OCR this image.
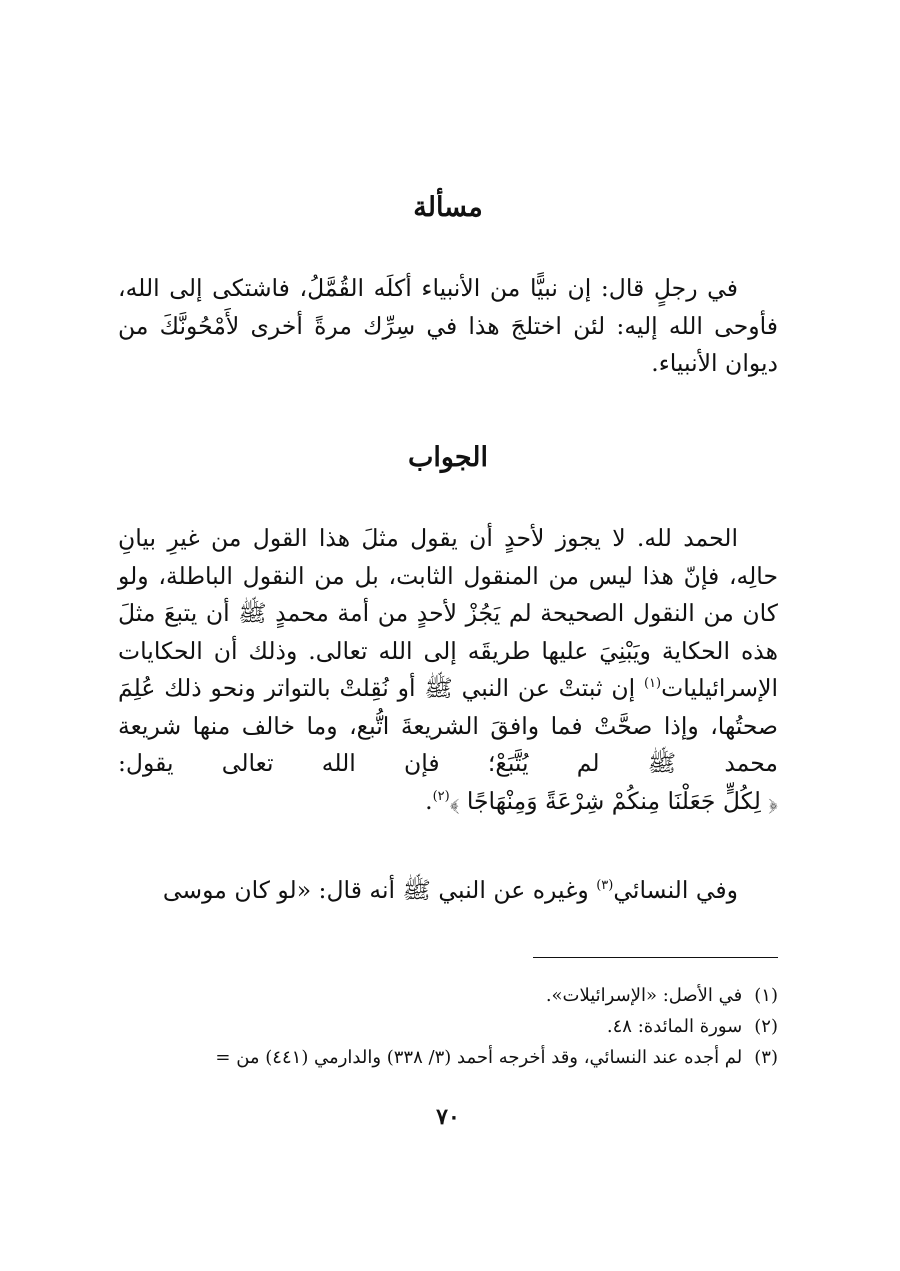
مسألة

في رجلٍ قال: إن نبيًّا من الأنبياء أكلَه القُمَّلُ، فاشتكى إلى الله، فأوحى الله إليه: لئن اختلجَ هذا في سِرِّك مرةً أخرى لأَمْحُونَّكَ من ديوان الأنبياء.

الجواب

الحمد لله. لا يجوز لأحدٍ أن يقول مثلَ هذا القول من غيرِ بيانِ حالِه، فإنّ هذا ليس من المنقول الثابت، بل من النقول الباطلة، ولو كان من النقول الصحيحة لم يَجُزْ لأحدٍ من أمة محمدٍ ﷺ أن يتبعَ مثلَ هذه الحكاية ويَبْنِيَ عليها طريقَه إلى الله تعالى. وذلك أن الحكايات الإسرائيليات$^{(١)}$ إن ثبتتْ عن النبي ﷺ أو نُقِلتْ بالتواتر ونحو ذلك عُلِمَ صحتُها، وإذا صحَّتْ فما وافقَ الشريعةَ اتُّبع، وما خالف منها شريعة محمد ﷺ لم يُتَّبَعْ؛ فإن الله تعالى يقول: ﴿ لِكُلٍّ جَعَلْنَا مِنكُمْ شِرْعَةً وَمِنْهَاجًا ﴾$^{(٢)}$.

وفي النسائي$^{(٣)}$ وغيره عن النبي ﷺ أنه قال: «لو كان موسى

(١)في الأصل: «الإسرائيلات».
(٢)سورة المائدة: ٤٨.
(٣)لم أجده عند النسائي، وقد أخرجه أحمد (٣/ ٣٣٨) والدارمي (٤٤١) من =
٧٠
